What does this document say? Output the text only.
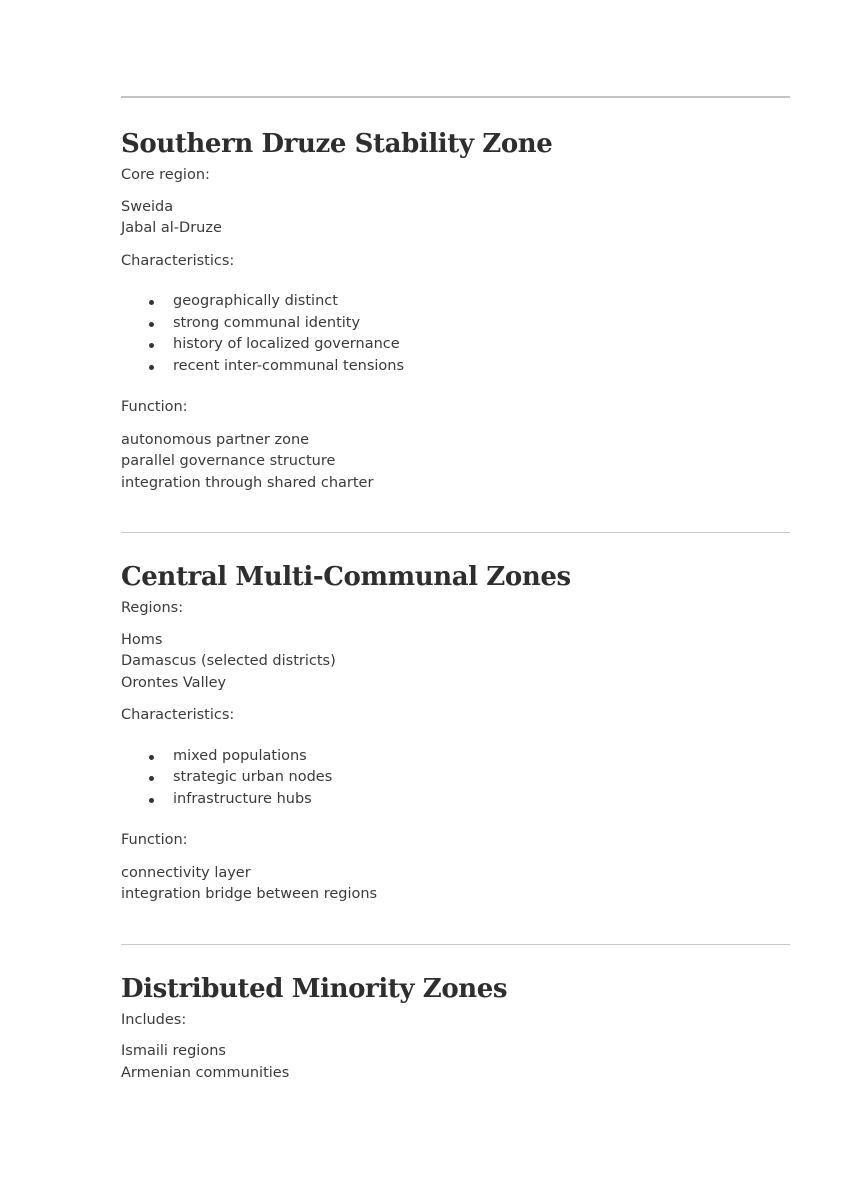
Southern Druze Stability Zone

Core region:

Sweida
Jabal al-Druze

Characteristics:

geographically distinct
strong communal identity
history of localized governance
recent inter-communal tensions

Function:

autonomous partner zone
parallel governance structure
integration through shared charter
Central Multi-Communal Zones

Regions:

Homs
Damascus (selected districts)
Orontes Valley

Characteristics:

mixed populations
strategic urban nodes
infrastructure hubs

Function:

connectivity layer
integration bridge between regions
Distributed Minority Zones

Includes:

Ismaili regions
Armenian communities
